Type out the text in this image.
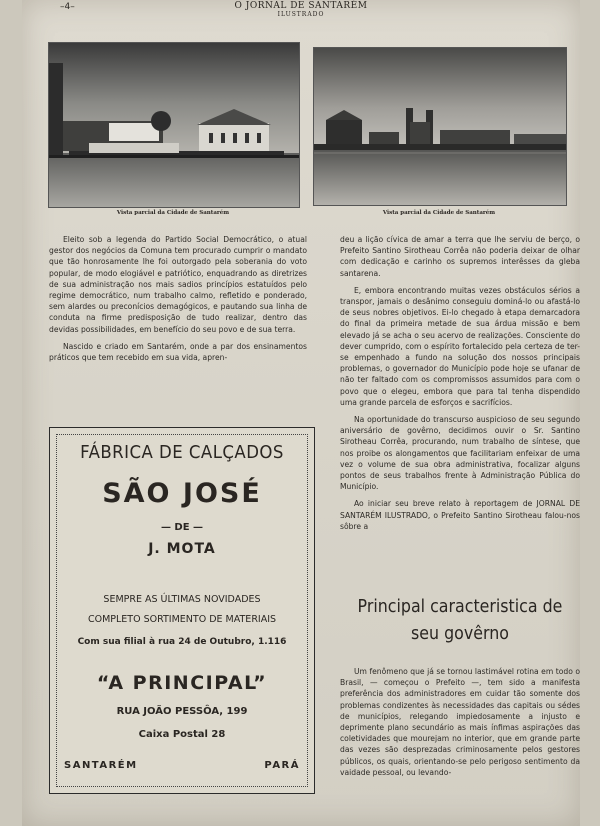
–4–	O JORNAL DE SANTARÉM
ILUSTRADO
Vista parcial da Cidade de Santarém	Vista parcial da Cidade de Santarém

Eleito sob a legenda do Partido Social Democrático, o atual gestor dos negócios da Comuna tem procurado cumprir o mandato que tão honrosamente lhe foi outorgado pela soberania do voto popular, de modo elogiável e patriótico, enquadrando as diretrizes de sua administração nos mais sadios princípios estatuídos pelo regime democrático, num trabalho calmo, refletido e ponderado, sem alardes ou preconícios demagógicos, e pautando sua linha de conduta na firme predisposição de tudo realizar, dentro das devidas possibilidades, em benefício do seu povo e de sua terra.

Nascido e criado em Santarém, onde a par dos ensinamentos práticos que tem recebido em sua vida, apren-

deu a lição cívica de amar a terra que lhe serviu de berço, o Prefeito Santino Sirotheau Corrêa não poderia deixar de olhar com dedicação e carinho os supremos interêsses da gleba santarena.

E, embora encontrando muitas vezes obstáculos sérios a transpor, jamais o desânimo conseguiu dominá-lo ou afastá-lo de seus nobres objetivos. Ei-lo chegado à etapa demarcadora do final da primeira metade de sua árdua missão e bem elevado já se acha o seu acervo de realizações. Consciente do dever cumprido, com o espírito fortalecido pela certeza de ter-se empenhado a fundo na solução dos nossos principais problemas, o governador do Município pode hoje se ufanar de não ter faltado com os compromissos assumidos para com o povo que o elegeu, embora que para tal tenha dispendido uma grande parcela de esforços e sacrifícios.

Na oportunidade do transcurso auspicioso de seu segundo aniversário de govêrno, decidimos ouvir o Sr. Santino Sirotheau Corrêa, procurando, num trabalho de síntese, que nos proibe os alongamentos que facilitariam enfeixar de uma vez o volume de sua obra administrativa, focalizar alguns pontos de seus trabalhos frente à Administração Pública do Município.

Ao iniciar seu breve relato à reportagem de JORNAL DE SANTARÉM ILUSTRADO, o Prefeito Santino Sirotheau falou-nos sôbre a

Principal caracteristica de
seu govêrno

Um fenômeno que já se tornou lastimável rotina em todo o Brasil, — começou o Prefeito —, tem sido a manifesta preferência dos administradores em cuidar tão somente dos problemas condizentes às necessidades das capitais ou sédes de municípios, relegando impiedosamente a injusto e deprimente plano secundário as mais ínfimas aspirações das coletividades que mourejam no interior, que em grande parte das vezes são desprezadas criminosamente pelos gestores públicos, os quais, orientando-se pelo perigoso sentimento da vaidade pessoal, ou levando-

FÁBRICA DE CALÇADOS
SÃO JOSÉ
— DE —
J. MOTA
SEMPRE AS ÚLTIMAS NOVIDADES
COMPLETO SORTIMENTO DE MATERIAIS
Com sua filial à rua 24 de Outubro, 1.116
“A PRINCIPAL”
RUA JOÃO PESSÔA, 199
Caixa Postal 28
SANTARÉM	PARÁ
